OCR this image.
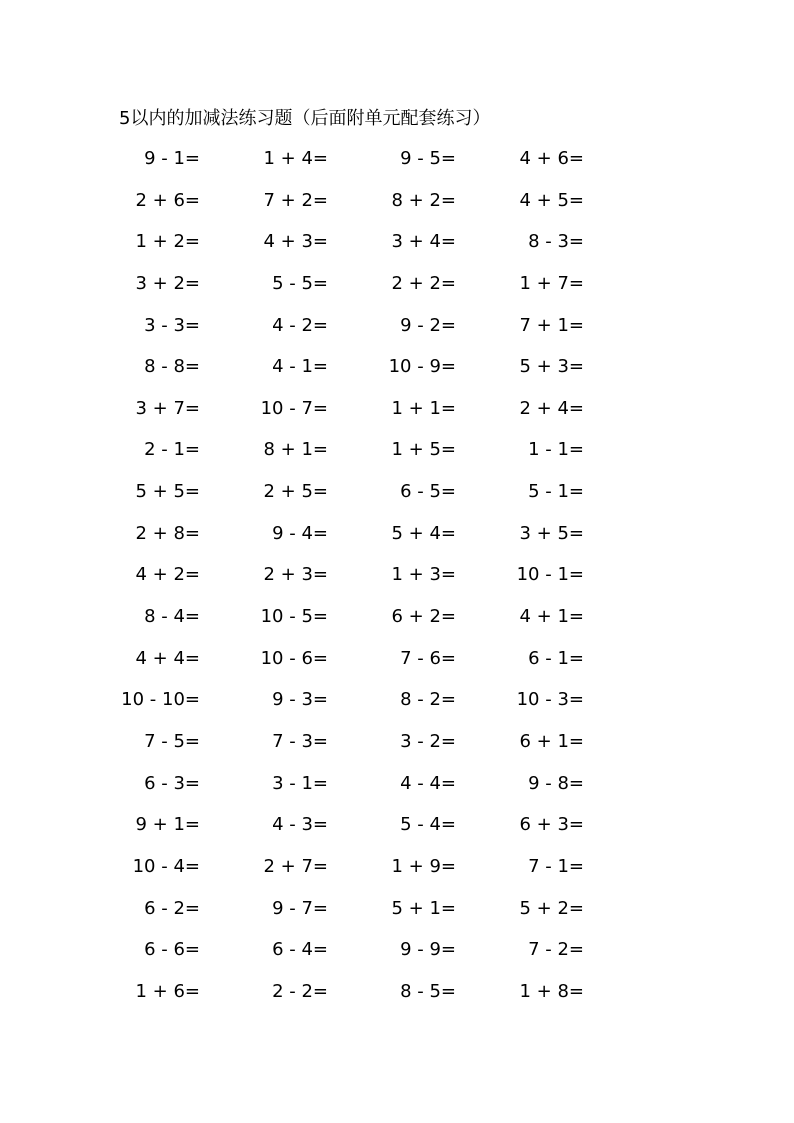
5以内的加减法练习题（后面附单元配套练习）
9 - 1=	1 + 4=	9 - 5=	4 + 6=
2 + 6=	7 + 2=	8 + 2=	4 + 5=
1 + 2=	4 + 3=	3 + 4=	8 - 3=
3 + 2=	5 - 5=	2 + 2=	1 + 7=
3 - 3=	4 - 2=	9 - 2=	7 + 1=
8 - 8=	4 - 1=	10 - 9=	5 + 3=
3 + 7=	10 - 7=	1 + 1=	2 + 4=
2 - 1=	8 + 1=	1 + 5=	1 - 1=
5 + 5=	2 + 5=	6 - 5=	5 - 1=
2 + 8=	9 - 4=	5 + 4=	3 + 5=
4 + 2=	2 + 3=	1 + 3=	10 - 1=
8 - 4=	10 - 5=	6 + 2=	4 + 1=
4 + 4=	10 - 6=	7 - 6=	6 - 1=
10 - 10=	9 - 3=	8 - 2=	10 - 3=
7 - 5=	7 - 3=	3 - 2=	6 + 1=
6 - 3=	3 - 1=	4 - 4=	9 - 8=
9 + 1=	4 - 3=	5 - 4=	6 + 3=
10 - 4=	2 + 7=	1 + 9=	7 - 1=
6 - 2=	9 - 7=	5 + 1=	5 + 2=
6 - 6=	6 - 4=	9 - 9=	7 - 2=
1 + 6=	2 - 2=	8 - 5=	1 + 8=
